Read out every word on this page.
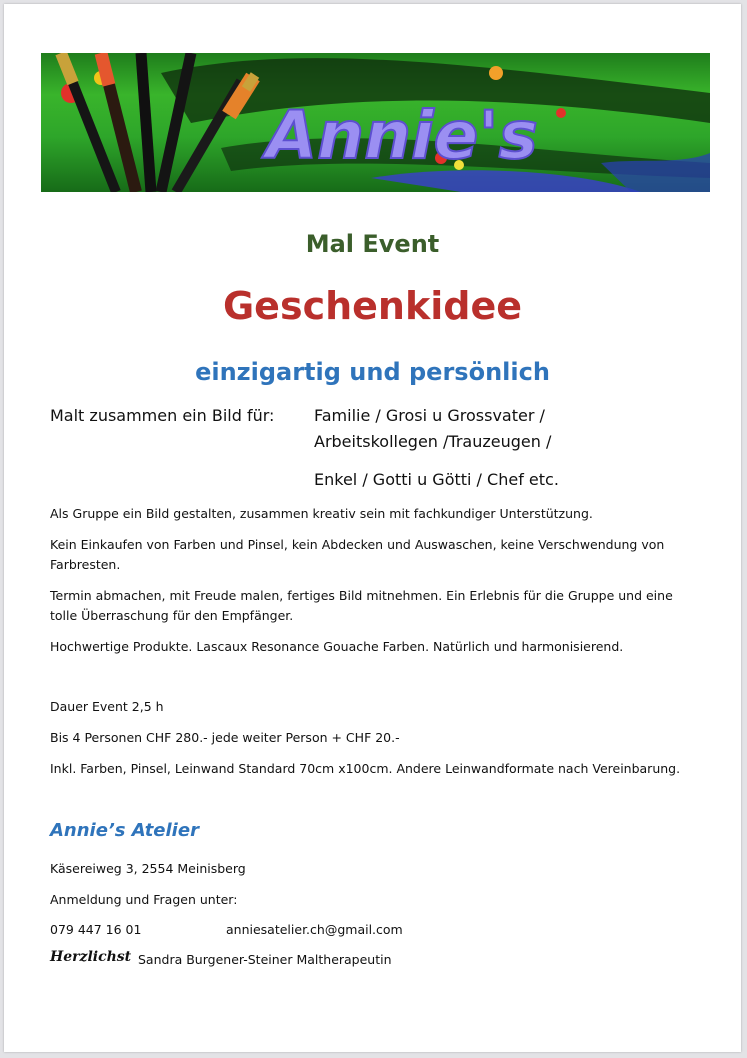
Annie's
Mal Event
Geschenkidee
einzigartig und persönlich
Malt zusammen ein Bild für: Familie / Grosi u Grossvater /
Arbeitskollegen /Trauzeugen /
Enkel / Gotti u Götti / Chef etc.
Als Gruppe ein Bild gestalten, zusammen kreativ sein mit fachkundiger Unterstützung.
Kein Einkaufen von Farben und Pinsel, kein Abdecken und Auswaschen, keine Verschwendung von
Farbresten.
Termin abmachen, mit Freude malen, fertiges Bild mitnehmen. Ein Erlebnis für die Gruppe und eine
tolle Überraschung für den Empfänger.
Hochwertige Produkte. Lascaux Resonance Gouache Farben. Natürlich und harmonisierend.
Dauer Event 2,5 h
Bis 4 Personen CHF 280.- jede weiter Person + CHF 20.-
Inkl. Farben, Pinsel, Leinwand Standard 70cm x100cm. Andere Leinwandformate nach Vereinbarung.
Annie’s Atelier
Käsereiweg 3, 2554 Meinisberg
Anmeldung und Fragen unter:
079 447 16 01	anniesatelier.ch@gmail.com
Herzlichst Sandra Burgener-Steiner Maltherapeutin
